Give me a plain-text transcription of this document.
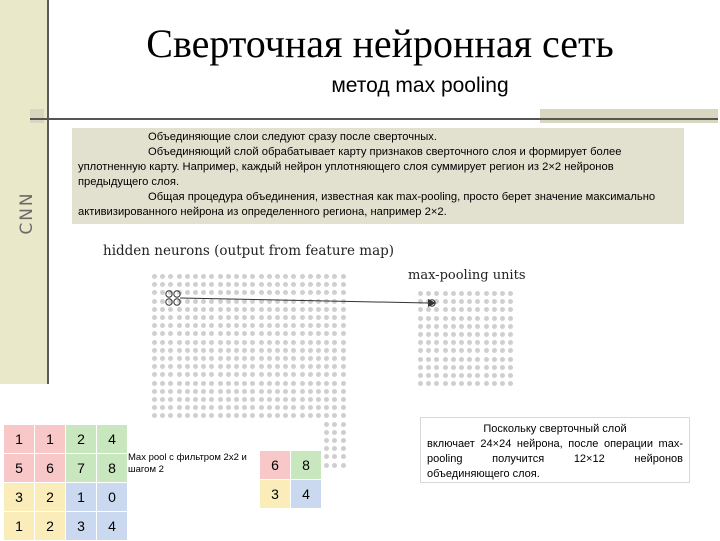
CNN
Сверточная нейронная сеть
метод max pooling

Объединяющие слои следуют сразу после сверточных.

Объединяющий слой обрабатывает карту признаков сверточного слоя и формирует более уплотненную карту. Например, каждый нейрон уплотняющего слоя суммирует регион из 2×2 нейронов предыдущего слоя.

Общая процедура объединения, известная как max-pooling, просто берет значение максимально активизированного нейрона из определенного региона, например 2×2.

hidden neurons (output from feature map)
max-pooling units
1	1	2	4
5	6	7	8
3	2	1	0
1	2	3	4
Max pool с фильтром 2x2 и шагом 2	6	8
3	4
Поскольку сверточный слой
включает 24×24 нейрона, после операции max-pooling получится 12×12 нейронов объединяющего слоя.
